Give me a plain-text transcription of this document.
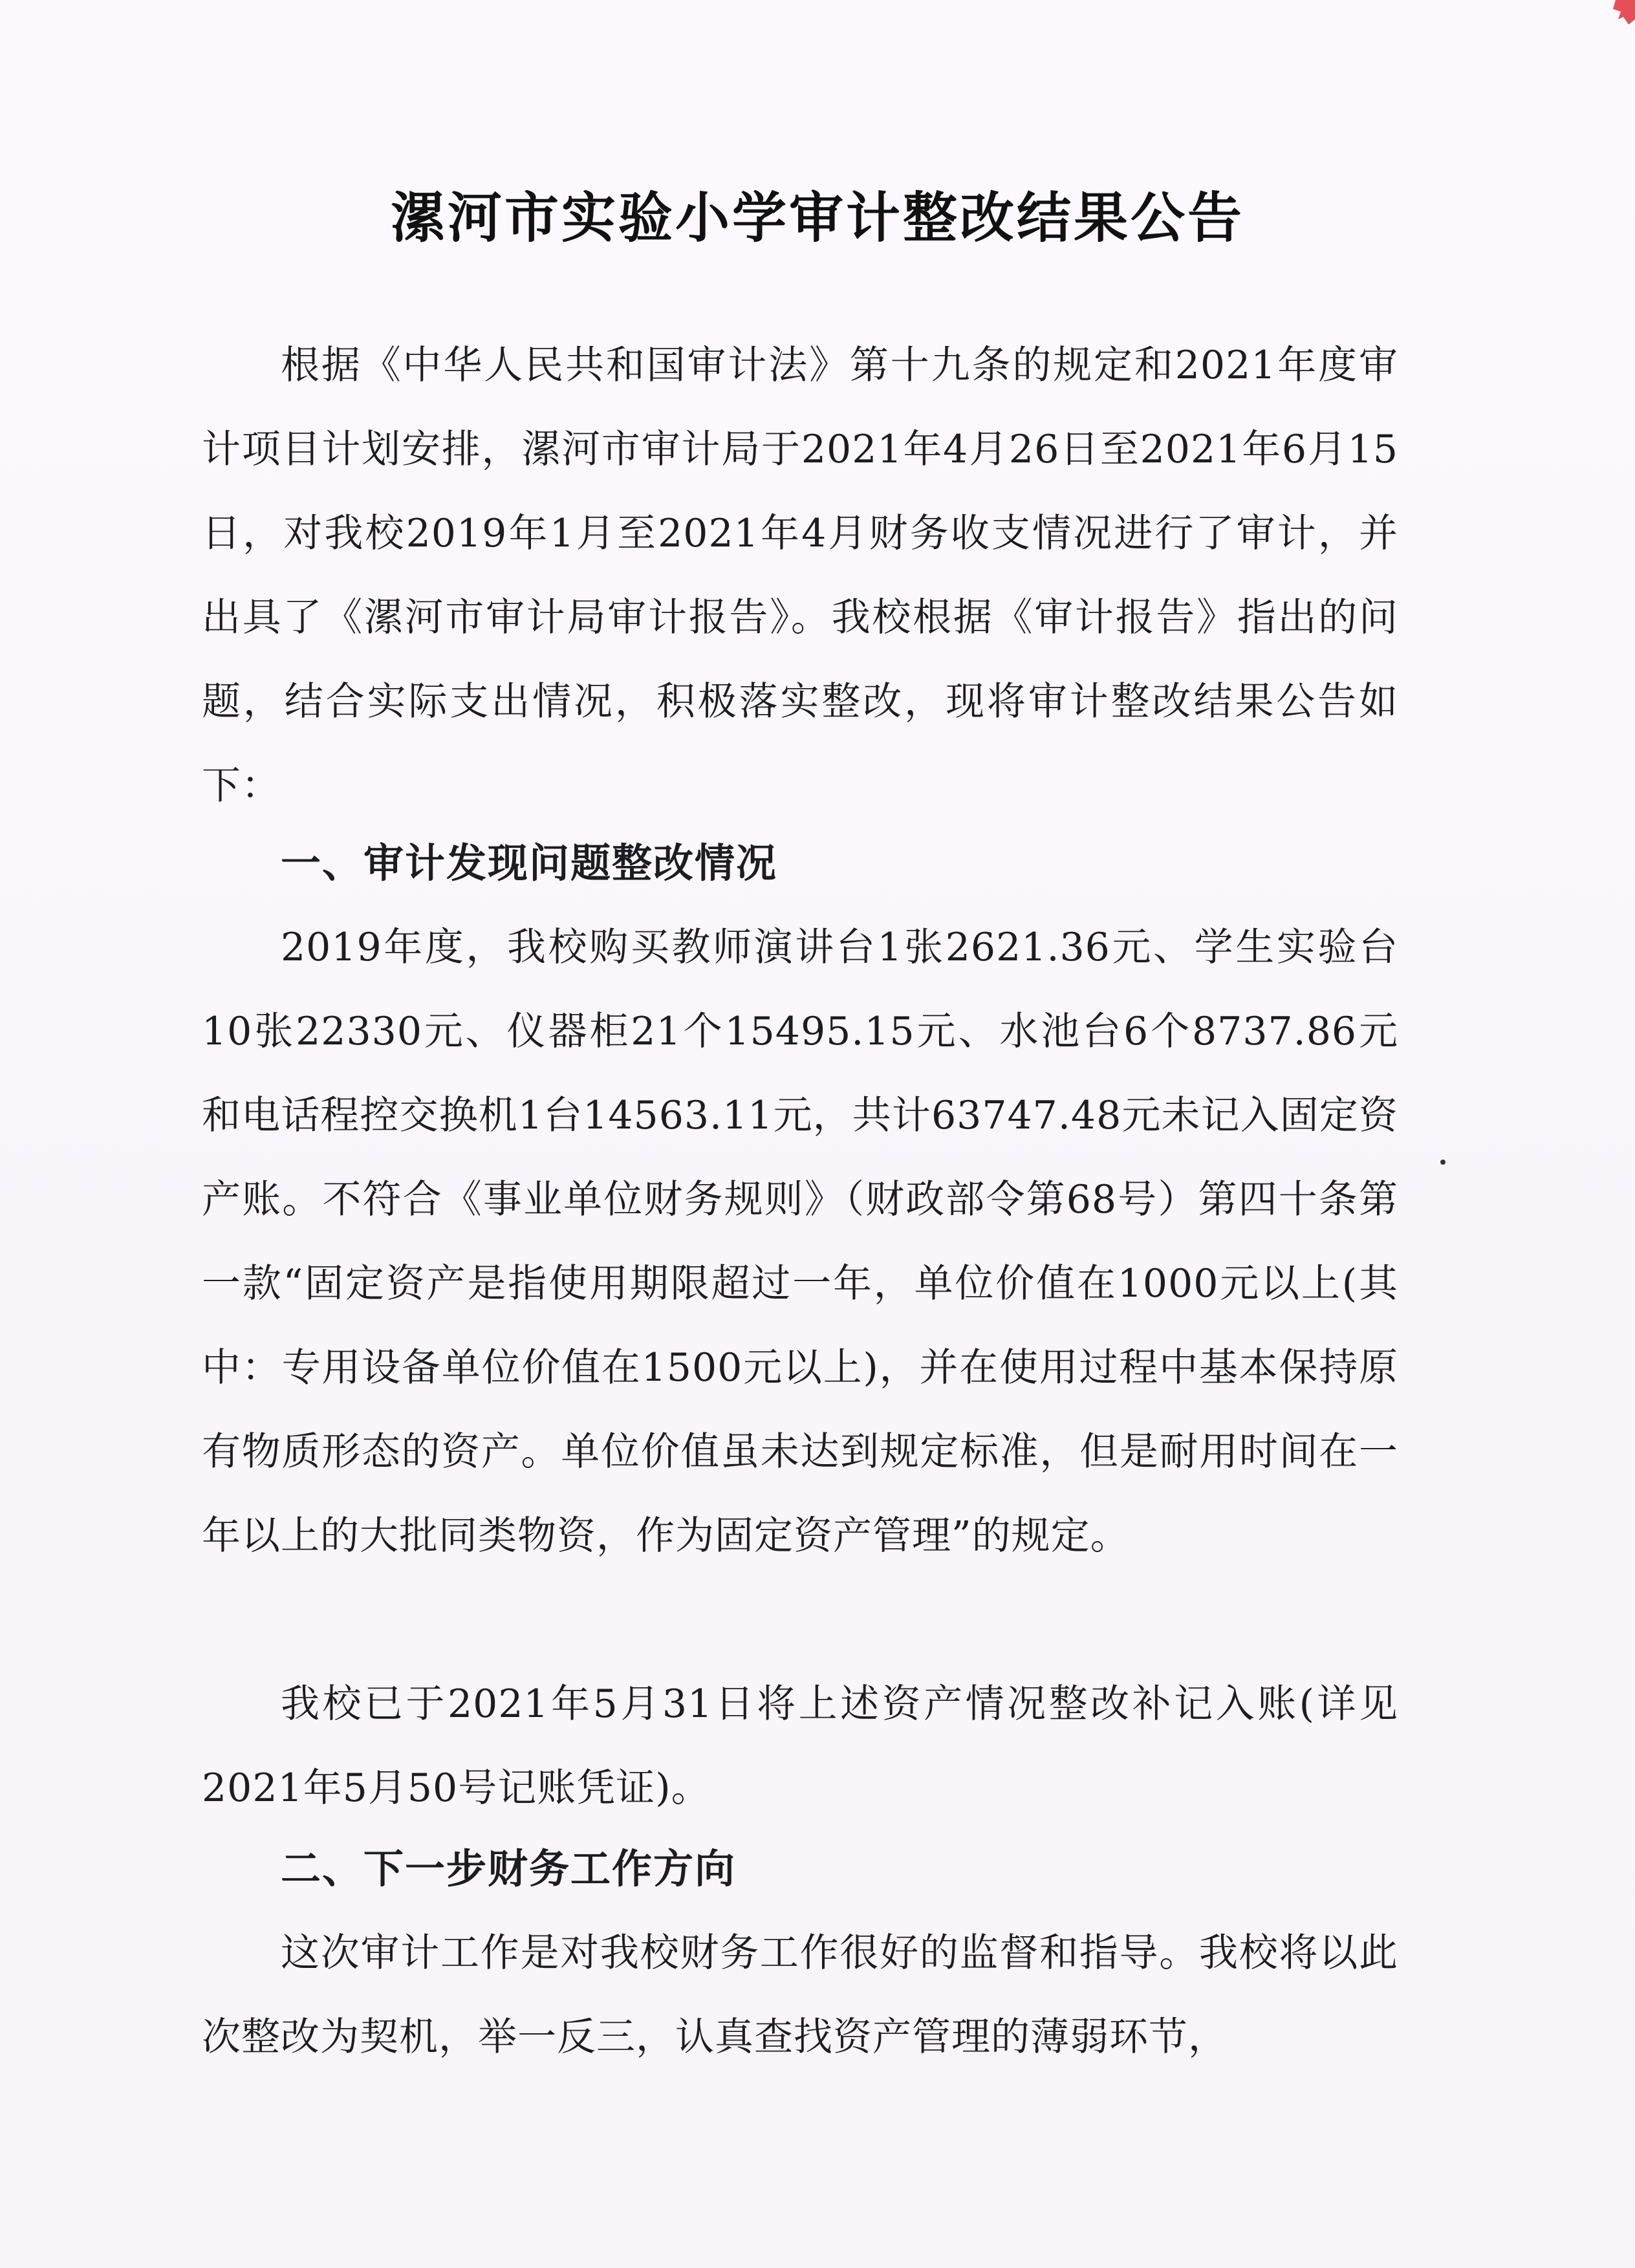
漯河市实验小学审计整改结果公告
根据《中华人民共和国审计法》第十九条的规定和2021年度审计项目计划安排，漯河市审计局于2021年4月26日至2021年6月15日，对我校2019年1月至2021年4月财务收支情况进行了审计，并出具了《漯河市审计局审计报告》。我校根据《审计报告》指出的问题，结合实际支出情况，积极落实整改，现将审计整改结果公告如下：
一、审计发现问题整改情况
2019年度，我校购买教师演讲台1张2621.36元、学生实验台10张22330元、仪器柜21个15495.15元、水池台6个8737.86元和电话程控交换机1台14563.11元，共计63747.48元未记入固定资产账。不符合《事业单位财务规则》（财政部令第68号）第四十条第一款“固定资产是指使用期限超过一年，单位价值在1000元以上(其中：专用设备单位价值在1500元以上)，并在使用过程中基本保持原有物质形态的资产。单位价值虽未达到规定标准，但是耐用时间在一年以上的大批同类物资，作为固定资产管理”的规定。
我校已于2021年5月31日将上述资产情况整改补记入账(详见2021年5月50号记账凭证)。
二、下一步财务工作方向
这次审计工作是对我校财务工作很好的监督和指导。我校将以此次整改为契机，举一反三，认真查找资产管理的薄弱环节，
